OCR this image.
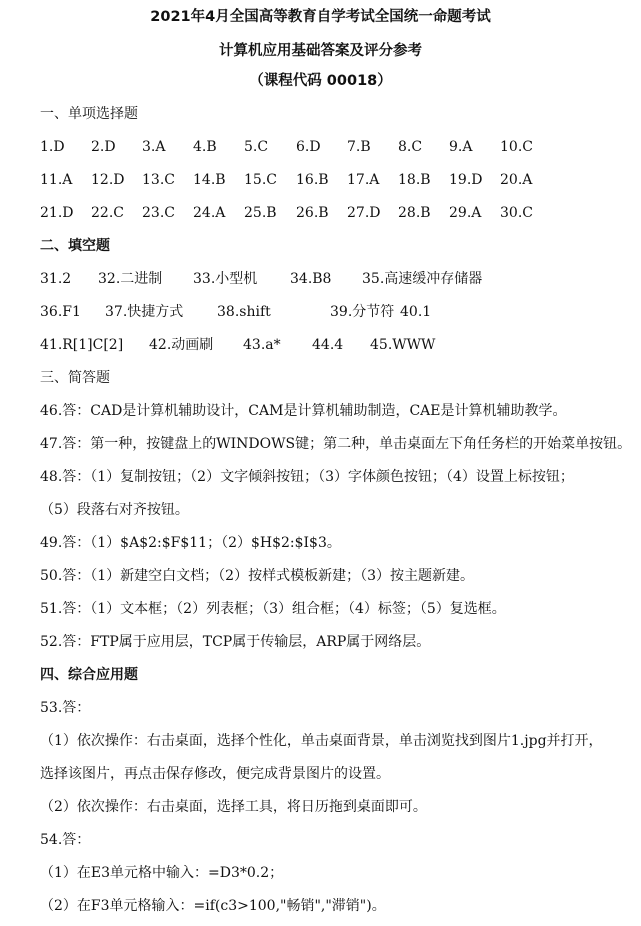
2021年4月全国高等教育自学考试全国统一命题考试
计算机应用基础答案及评分参考
（课程代码 00018）
一、单项选择题
1.D 2.D 3.A 4.B 5.C 6.D 7.B 8.C 9.A 10.C
11.A 12.D 13.C 14.B 15.C 16.B 17.A 18.B 19.D 20.A
21.D 22.C 23.C 24.A 25.B 26.B 27.D 28.B 29.A 30.C
二、填空题
31.2 32.二进制 33.小型机 34.B8 35.高速缓冲存储器
36.F1 37.快捷方式 38.shift	39.分节符 40.1
41.R[1]C[2] 42.动画刷 43.a* 44.4 45.WWW
三、简答题
46.答：CAD是计算机辅助设计，CAM是计算机辅助制造，CAE是计算机辅助教学。
47.答：第一种，按键盘上的WINDOWS键；第二种，单击桌面左下角任务栏的开始菜单按钮。
48.答：（1）复制按钮；（2）文字倾斜按钮；（3）字体颜色按钮；（4）设置上标按钮；
（5）段落右对齐按钮。
49.答：（1）$A$2:$F$11；（2）$H$2:$I$3。
50.答：（1）新建空白文档；（2）按样式模板新建；（3）按主题新建。
51.答：（1）文本框；（2）列表框；（3）组合框；（4）标签；（5）复选框。
52.答：FTP属于应用层，TCP属于传输层，ARP属于网络层。
四、综合应用题
53.答：
（1）依次操作：右击桌面，选择个性化，单击桌面背景，单击浏览找到图片1.jpg并打开，
选择该图片，再点击保存修改，便完成背景图片的设置。
（2）依次操作：右击桌面，选择工具，将日历拖到桌面即可。
54.答：
（1）在E3单元格中输入：=D3*0.2；
（2）在F3单元格输入：=if(c3>100,"畅销","滞销")。
